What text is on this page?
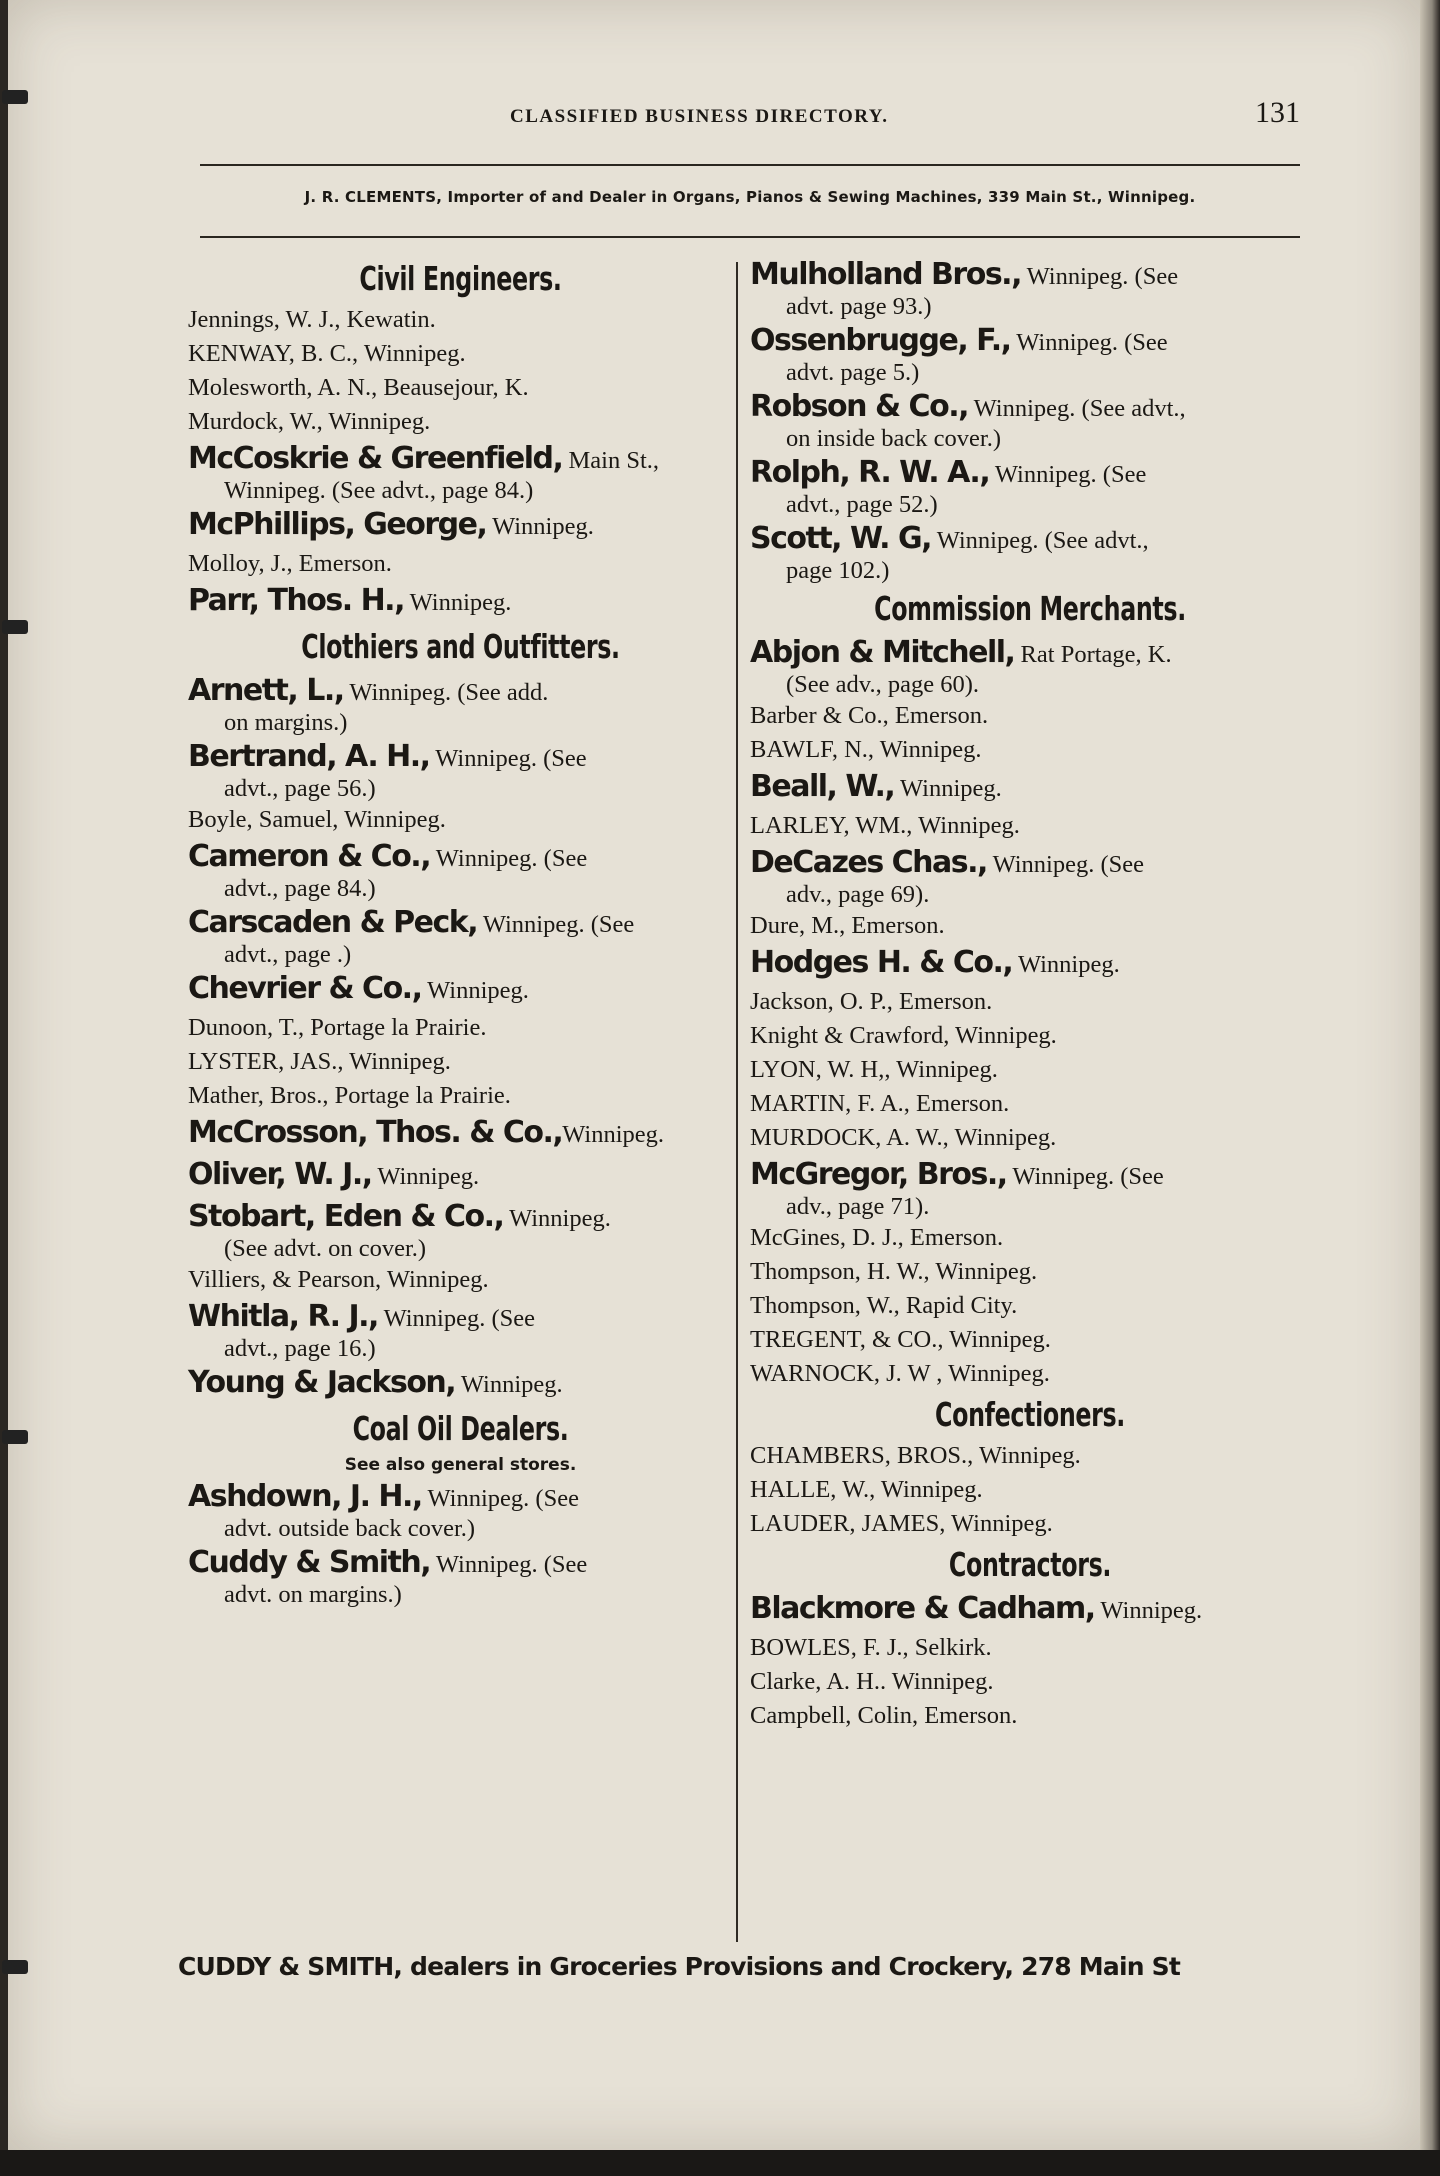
CLASSIFIED BUSINESS DIRECTORY.	131
J. R. CLEMENTS, Importer of and Dealer in Organs, Pianos & Sewing Machines, 339 Main St., Winnipeg.
Civil Engineers.
Jennings, W. J., Kewatin.
KENWAY, B. C., Winnipeg.
Molesworth, A. N., Beausejour, K.
Murdock, W., Winnipeg.
McCoskrie & Greenfield, Main St.,
Winnipeg. (See advt., page 84.)
McPhillips, George, Winnipeg.
Molloy, J., Emerson.
Parr, Thos. H., Winnipeg.
Clothiers and Outfitters.
Arnett, L., Winnipeg. (See add.
on margins.)
Bertrand, A. H., Winnipeg. (See
advt., page 56.)
Boyle, Samuel, Winnipeg.
Cameron & Co., Winnipeg. (See
advt., page 84.)
Carscaden & Peck, Winnipeg. (See
advt., page .)
Chevrier & Co., Winnipeg.
Dunoon, T., Portage la Prairie.
LYSTER, JAS., Winnipeg.
Mather, Bros., Portage la Prairie.
McCrosson, Thos. & Co.,Winnipeg.
Oliver, W. J., Winnipeg.
Stobart, Eden & Co., Winnipeg.
(See advt. on cover.)
Villiers, & Pearson, Winnipeg.
Whitla, R. J., Winnipeg. (See
advt., page 16.)
Young & Jackson, Winnipeg.
Coal Oil Dealers.
See also general stores.
Ashdown, J. H., Winnipeg. (See
advt. outside back cover.)
Cuddy & Smith, Winnipeg. (See
advt. on margins.)
Mulholland Bros., Winnipeg. (See
advt. page 93.)
Ossenbrugge, F., Winnipeg. (See
advt. page 5.)
Robson & Co., Winnipeg. (See advt.,
on inside back cover.)
Rolph, R. W. A., Winnipeg. (See
advt., page 52.)
Scott, W. G, Winnipeg. (See advt.,
page 102.)
Commission Merchants.
Abjon & Mitchell, Rat Portage, K.
(See adv., page 60).
Barber & Co., Emerson.
BAWLF, N., Winnipeg.
Beall, W., Winnipeg.
LARLEY, WM., Winnipeg.
DeCazes Chas., Winnipeg. (See
adv., page 69).
Dure, M., Emerson.
Hodges H. & Co., Winnipeg.
Jackson, O. P., Emerson.
Knight & Crawford, Winnipeg.
LYON, W. H,, Winnipeg.
MARTIN, F. A., Emerson.
MURDOCK, A. W., Winnipeg.
McGregor, Bros., Winnipeg. (See
adv., page 71).
McGines, D. J., Emerson.
Thompson, H. W., Winnipeg.
Thompson, W., Rapid City.
TREGENT, & CO., Winnipeg.
WARNOCK, J. W , Winnipeg.
Confectioners.
CHAMBERS, BROS., Winnipeg.
HALLE, W., Winnipeg.
LAUDER, JAMES, Winnipeg.
Contractors.
Blackmore & Cadham, Winnipeg.
BOWLES, F. J., Selkirk.
Clarke, A. H.. Winnipeg.
Campbell, Colin, Emerson.
CUDDY & SMITH, dealers in Groceries Provisions and Crockery, 278 Main St
